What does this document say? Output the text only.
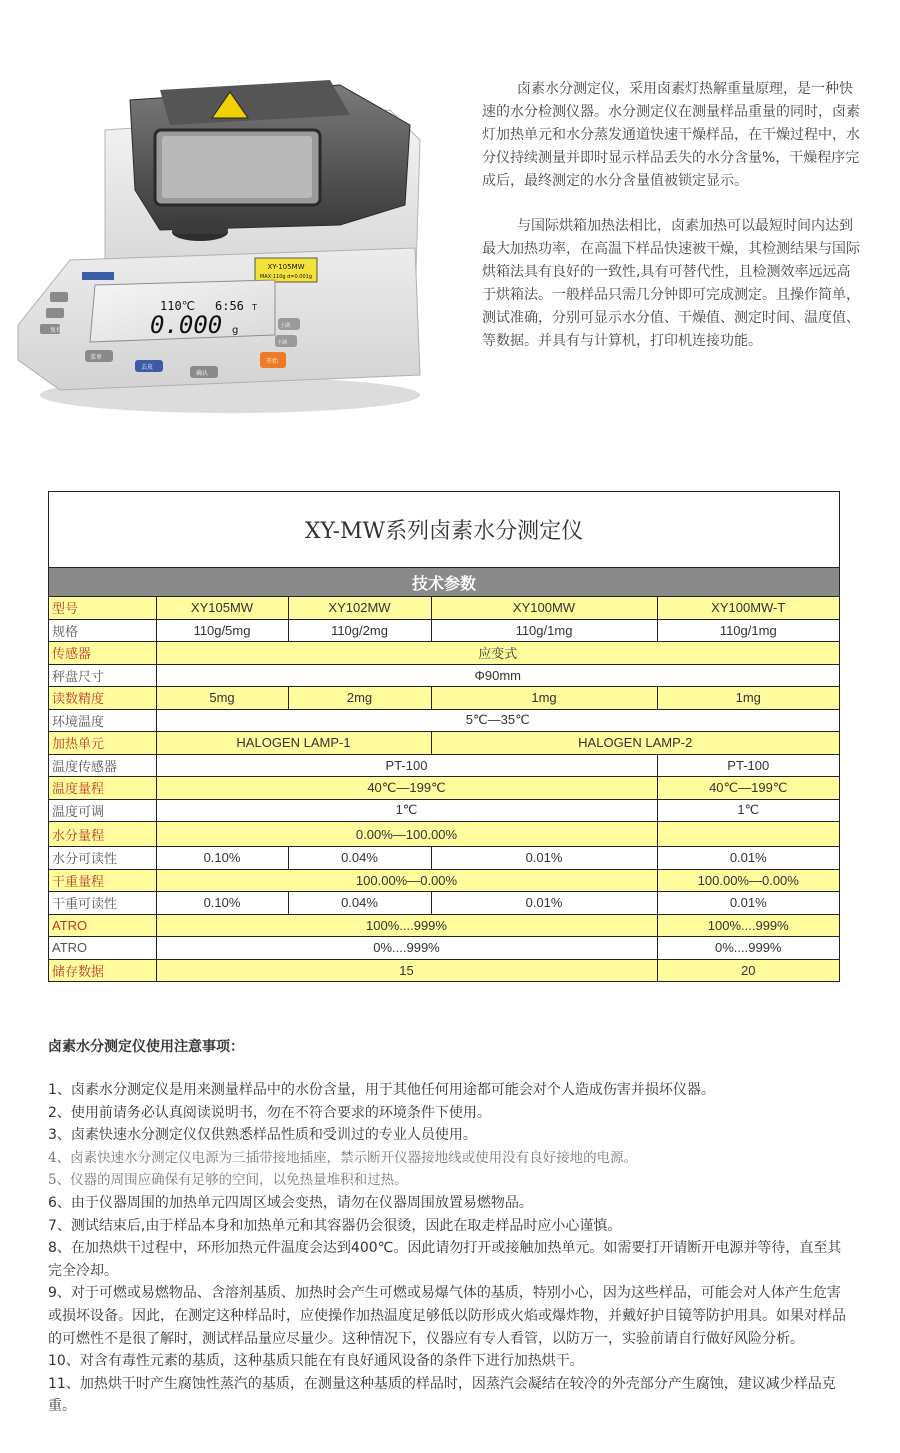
XY-105MW
MAX:110g d=0.001g
110℃ 6:56 T
0.000 g
复位
菜单
去皮
确认
开始
上调
下调

卤素水分测定仪，采用卤素灯热解重量原理，是一种快速的水分检测仪器。水分测定仪在测量样品重量的同时，卤素灯加热单元和水分蒸发通道快速干燥样品，在干燥过程中，水分仪持续测量并即时显示样品丢失的水分含量%，干燥程序完成后，最终测定的水分含量值被锁定显示。

与国际烘箱加热法相比，卤素加热可以最短时间内达到最大加热功率，在高温下样品快速被干燥，其检测结果与国际烘箱法具有良好的一致性,具有可替代性，且检测效率远远高于烘箱法。一般样品只需几分钟即可完成测定。且操作简单，测试准确，分别可显示水分值、干燥值、测定时间、温度值、等数据。并具有与计算机，打印机连接功能。

XY-MW系列卤素水分测定仪
技术参数
型号	XY105MW	XY102MW	XY100MW	XY100MW-T
规格	110g/5mg	110g/2mg	110g/1mg	110g/1mg
传感器	应变式			
秤盘尺寸	Φ90mm			
读数精度	5mg	2mg	1mg	1mg
环境温度	5℃—35℃			
加热单元	HALOGEN LAMP-1		HALOGEN LAMP-2	
温度传感器	PT-100			PT-100
温度量程	40℃—199℃			40℃—199℃
温度可调	1℃			1℃
水分量程	0.00%—100.00%			
水分可读性	0.10%	0.04%	0.01%	0.01%
干重量程	100.00%—0.00%			100.00%—0.00%
干重可读性	0.10%	0.04%	0.01%	0.01%
ATRO	100%....999%			100%....999%
ATRO	0%....999%			0%....999%
储存数据	15			20
卤素水分测定仪使用注意事项：
1、卤素水分测定仪是用来测量样品中的水份含量，用于其他任何用途都可能会对个人造成伤害并损坏仪器。
2、使用前请务必认真阅读说明书，勿在不符合要求的环境条件下使用。
3、卤素快速水分测定仪仅供熟悉样品性质和受训过的专业人员使用。
4、卤素快速水分测定仪电源为三插带接地插座，禁示断开仪器接地线或使用没有良好接地的电源。
5、仪器的周围应确保有足够的空间，以免热量堆积和过热。
6、由于仪器周围的加热单元四周区域会变热，请勿在仪器周围放置易燃物品。
7、测试结束后,由于样品本身和加热单元和其容器仍会很烫，因此在取走样品时应小心谨慎。
8、在加热烘干过程中，环形加热元件温度会达到400℃。因此请勿打开或接触加热单元。如需要打开请断开电源并等待，直至其完全冷却。
9、对于可燃或易燃物品、含溶剂基质、加热时会产生可燃或易爆气体的基质，特别小心，因为这些样品，可能会对人体产生危害或损坏设备。因此，在测定这种样品时，应使操作加热温度足够低以防形成火焰或爆炸物，并戴好护目镜等防护用具。如果对样品的可燃性不是很了解时，测试样品量应尽量少。这种情况下，仪器应有专人看管，以防万一，实验前请自行做好风险分析。
10、对含有毒性元素的基质，这种基质只能在有良好通风设备的条件下进行加热烘干。
11、加热烘干时产生腐蚀性蒸汽的基质，在测量这种基质的样品时，因蒸汽会凝结在较冷的外壳部分产生腐蚀，建议减少样品克重。
